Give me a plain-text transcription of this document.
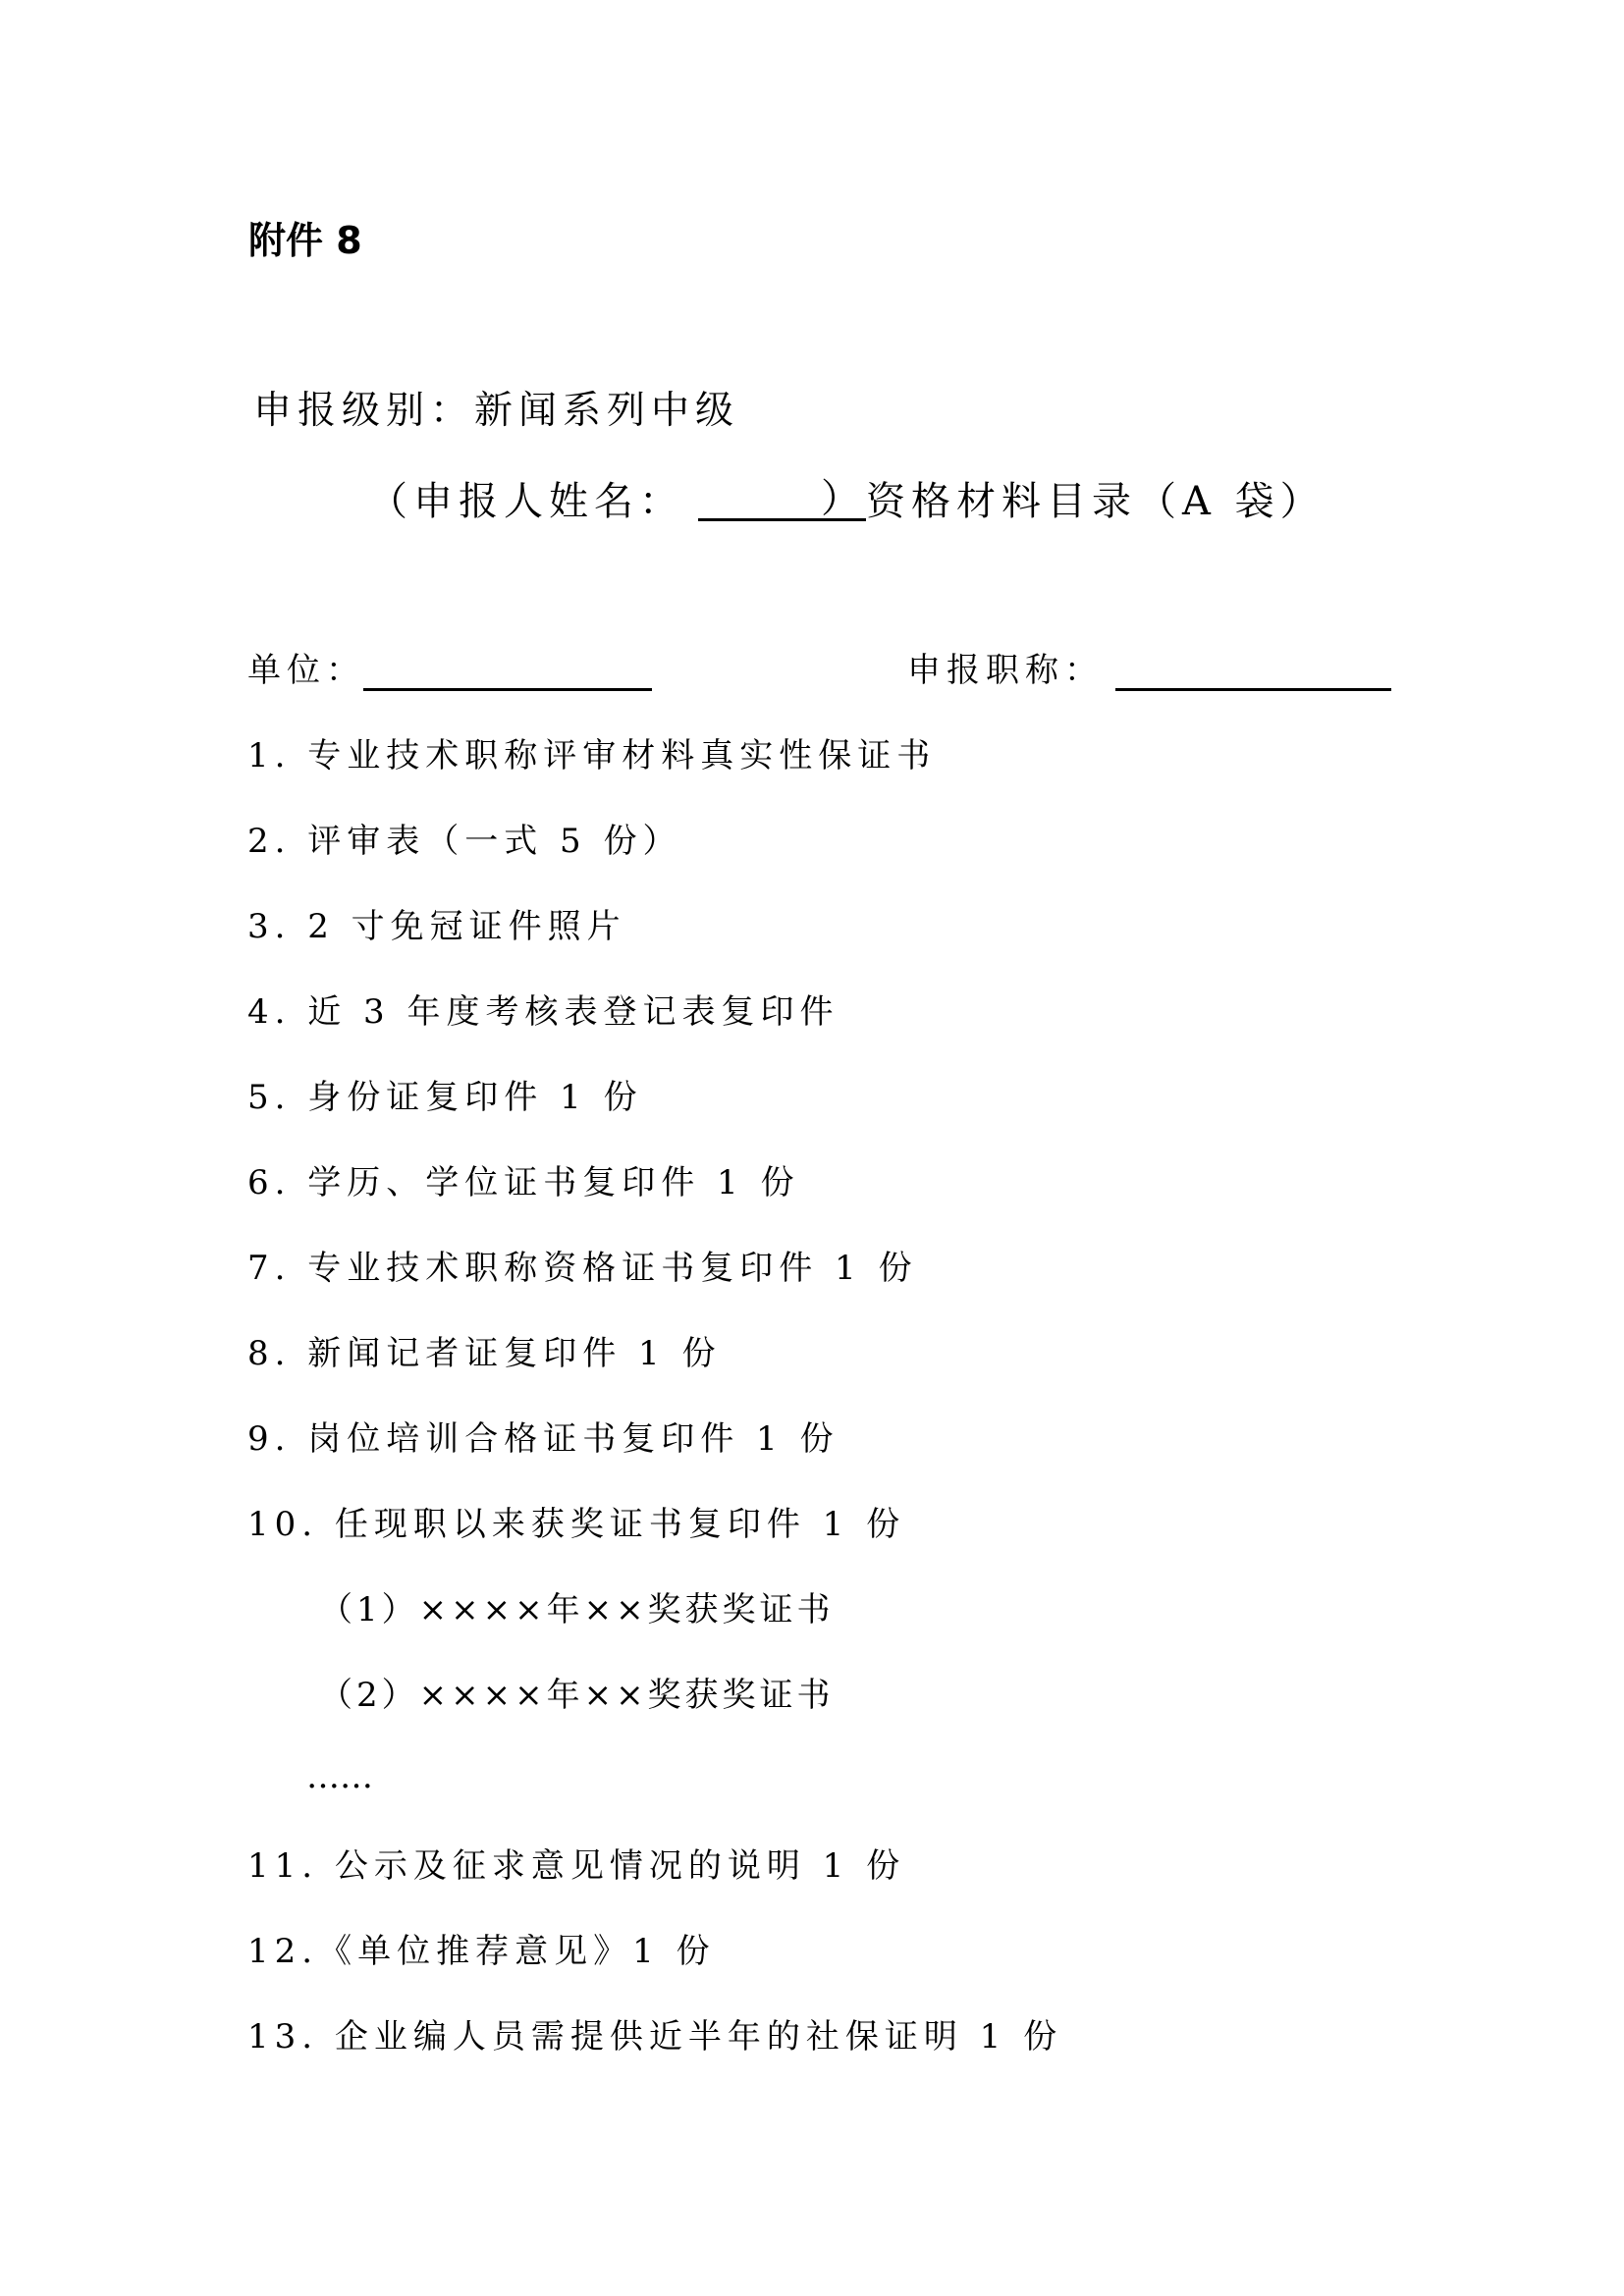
附件 8
申报级别：新闻系列中级
（申报人姓名：	） 资格材料目录（A 袋）
单位：	申报职称：
1. 专业技术职称评审材料真实性保证书
2. 评审表（一式 5 份）
3. 2 寸免冠证件照片
4. 近 3 年度考核表登记表复印件
5. 身份证复印件 1 份
6. 学历、学位证书复印件 1 份
7. 专业技术职称资格证书复印件 1 份
8. 新闻记者证复印件 1 份
9. 岗位培训合格证书复印件 1 份
10. 任现职以来获奖证书复印件 1 份
（1）××××年××奖获奖证书
（2）××××年××奖获奖证书
……
11. 公示及征求意见情况的说明 1 份
12.《单位推荐意见》1 份
13. 企业编人员需提供近半年的社保证明 1 份
